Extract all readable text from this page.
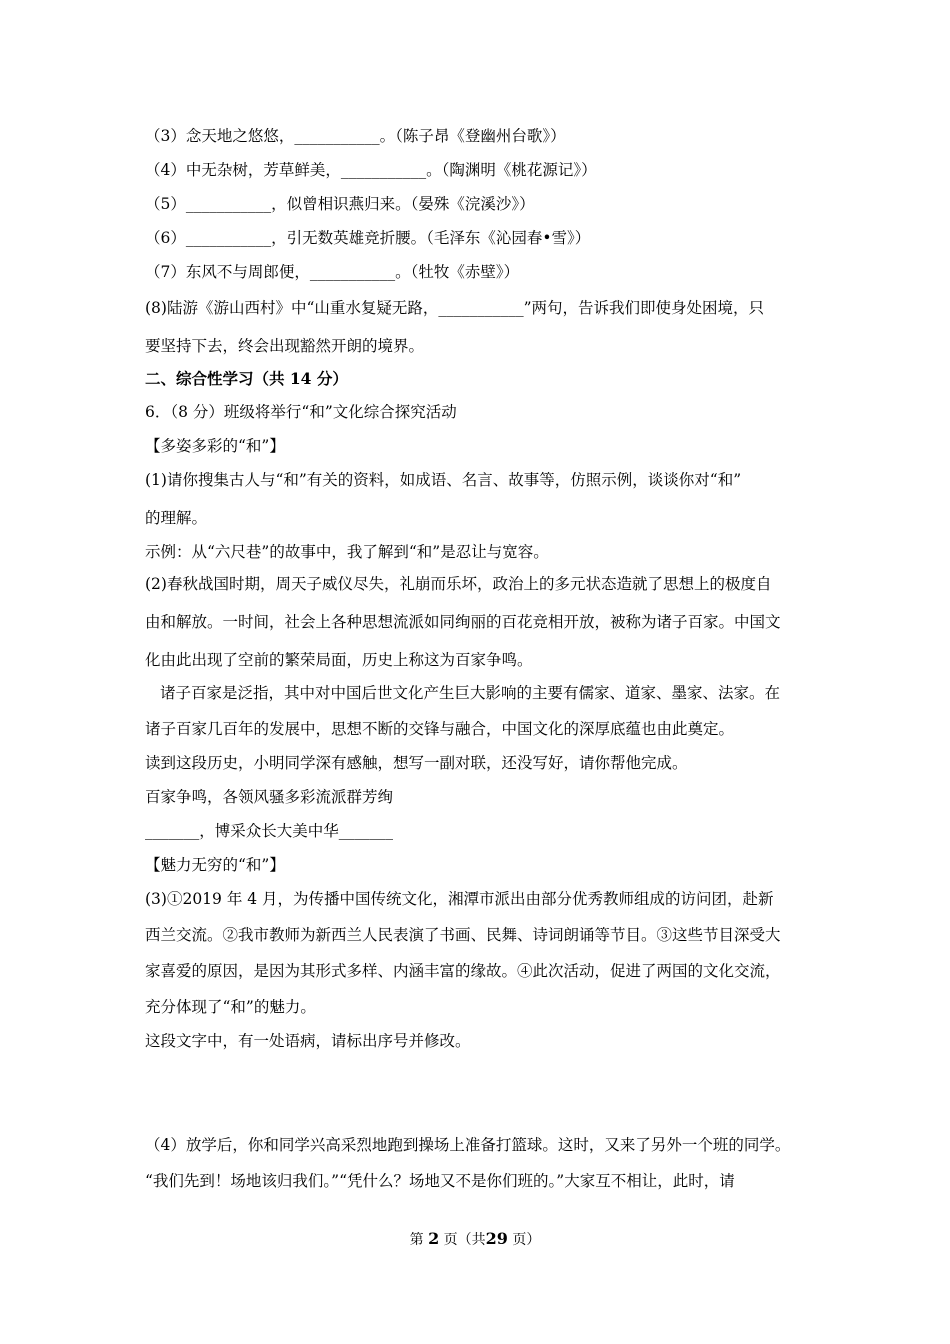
（3）念天地之悠悠，___________。（陈子昂《登幽州台歌》）
（4）中无杂树，芳草鲜美，___________。（陶渊明《桃花源记》）
（5）___________，似曾相识燕归来。（晏殊《浣溪沙》）
（6）___________，引无数英雄竞折腰。（毛泽东《沁园春•雪》）
（7）东风不与周郎便，___________。（牡牧《赤壁》）
(8)陆游《游山西村》中“山重水复疑无路，___________”两句，告诉我们即使身处困境，只
要坚持下去，终会出现豁然开朗的境界。
二、综合性学习（共 14 分）
6．（8 分）班级将举行“和”文化综合探究活动
【多姿多彩的“和”】
(1)请你搜集古人与“和”有关的资料，如成语、名言、故事等，仿照示例，谈谈你对“和”
的理解。
示例：从“六尺巷”的故事中，我了解到“和”是忍让与宽容。
(2)春秋战国时期，周天子威仪尽失，礼崩而乐坏，政治上的多元状态造就了思想上的极度自
由和解放。一时间，社会上各种思想流派如同绚丽的百花竞相开放，被称为诸子百家。中国文
化由此出现了空前的繁荣局面，历史上称这为百家争鸣。
诸子百家是泛指，其中对中国后世文化产生巨大影响的主要有儒家、道家、墨家、法家。在
诸子百家几百年的发展中，思想不断的交锋与融合，中国文化的深厚底蕴也由此奠定。
读到这段历史，小明同学深有感触，想写一副对联，还没写好，请你帮他完成。
百家争鸣，各领风骚多彩流派群芳绚
_______，博采众长大美中华_______
【魅力无穷的“和”】
(3)①2019 年 4 月，为传播中国传统文化，湘潭市派出由部分优秀教师组成的访问团，赴新
西兰交流。②我市教师为新西兰人民表演了书画、民舞、诗词朗诵等节目。③这些节目深受大
家喜爱的原因，是因为其形式多样、内涵丰富的缘故。④此次活动，促进了两国的文化交流，
充分体现了“和”的魅力。
这段文字中，有一处语病，请标出序号并修改。
（4）放学后，你和同学兴高采烈地跑到操场上准备打篮球。这时，又来了另外一个班的同学。
“我们先到！场地该归我们。”“凭什么？场地又不是你们班的。”大家互不相让，此时，请
第 2 页（共29 页）
